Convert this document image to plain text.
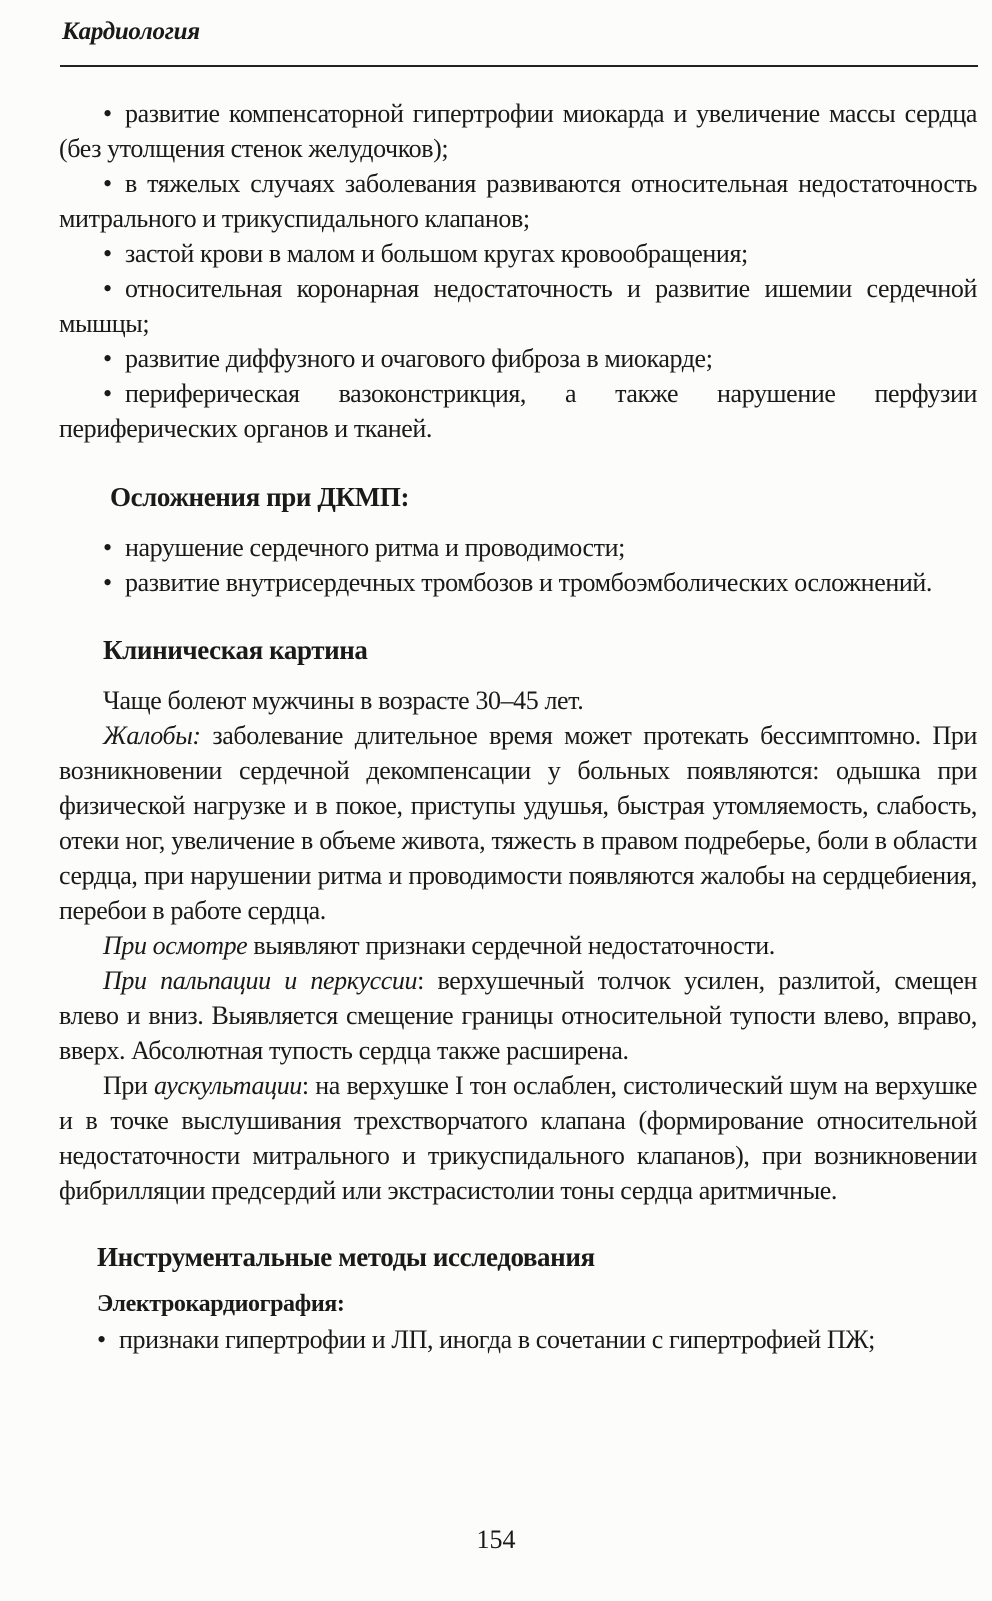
Кардиология

• развитие компенсаторной гипертрофии миокарда и увеличение массы сердца (без утолщения стенок желудочков);

• в тяжелых случаях заболевания развиваются относительная недостаточность митрального и трикуспидального клапанов;

• застой крови в малом и большом кругах кровообращения;

• относительная коронарная недостаточность и развитие ишемии сердечной мышцы;

• развитие диффузного и очагового фиброза в миокарде;

• периферическая вазоконстрикция, а также нарушение перфузии периферических органов и тканей.

Осложнения при ДКМП:

• нарушение сердечного ритма и проводимости;

• развитие внутрисердечных тромбозов и тромбоэмболических осложнений.

Клиническая картина

Чаще болеют мужчины в возрасте 30–45 лет.

Жалобы: заболевание длительное время может протекать бессимптомно. При возникновении сердечной декомпенсации у больных появляются: одышка при физической нагрузке и в покое, приступы удушья, быстрая утомляемость, слабость, отеки ног, увеличение в объеме живота, тяжесть в правом подреберье, боли в области сердца, при нарушении ритма и проводимости появляются жалобы на сердцебиения, перебои в работе сердца.

При осмотре выявляют признаки сердечной недостаточности.

При пальпации и перкуссии: верхушечный толчок усилен, разлитой, смещен влево и вниз. Выявляется смещение границы относительной тупости влево, вправо, вверх. Абсолютная тупость сердца также расширена.

При аускультации: на верхушке I тон ослаблен, систолический шум на верхушке и в точке выслушивания трехстворчатого клапана (формирование относительной недостаточности митрального и трикуспидального клапанов), при возникновении фибрилляции предсердий или экстрасистолии тоны сердца аритмичные.

Инструментальные методы исследования

Электрокардиография:

• признаки гипертрофии и ЛП, иногда в сочетании с гипертрофией ПЖ;

154
